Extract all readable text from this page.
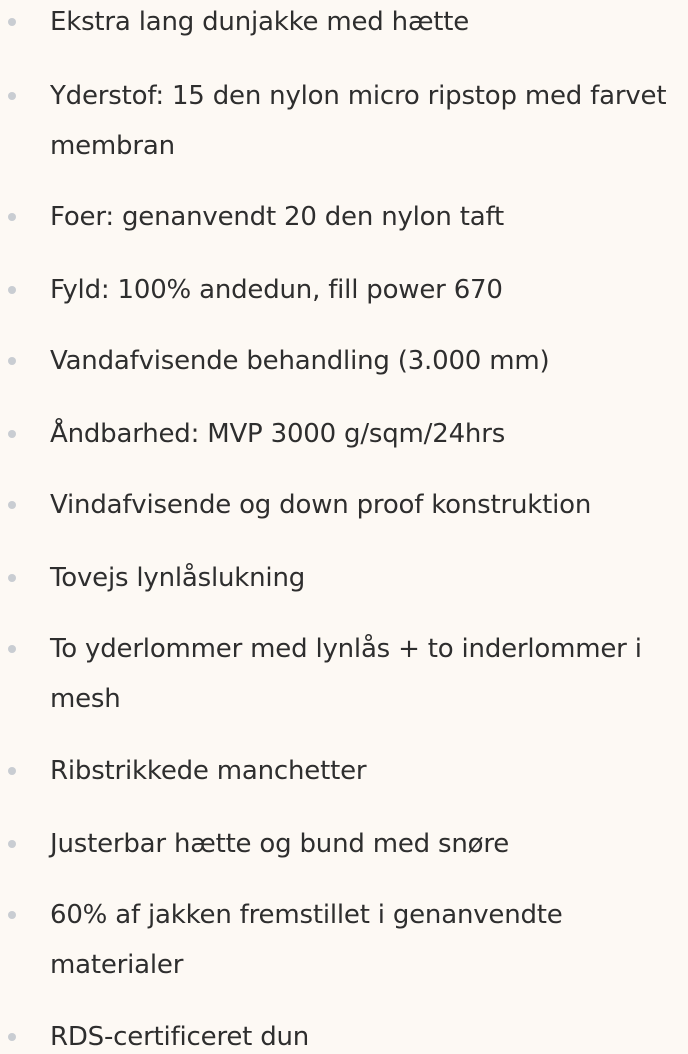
Ekstra lang dunjakke med hætte
Yderstof: 15 den nylon micro ripstop med farvet membran
Foer: genanvendt 20 den nylon taft
Fyld: 100% andedun, fill power 670
Vandafvisende behandling (3.000 mm)
Åndbarhed: MVP 3000 g/sqm/24hrs
Vindafvisende og down proof konstruktion
Tovejs lynlåslukning
To yderlommer med lynlås + to inderlommer i mesh
Ribstrikkede manchetter
Justerbar hætte og bund med snøre
60% af jakken fremstillet i genanvendte materialer
RDS-certificeret dun
